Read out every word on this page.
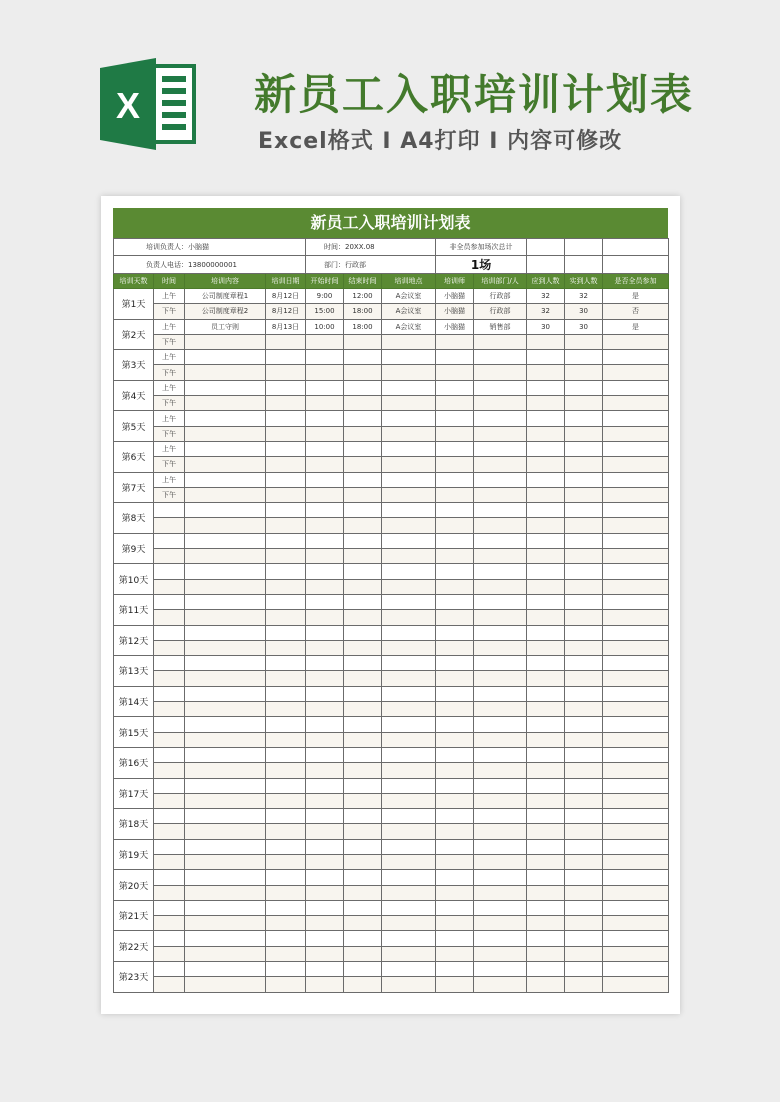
X	新员工入职培训计划表
Excel格式 I A4打印 I 内容可修改
新员工入职培训计划表
培训负责人：小脑猫				时间：20XX.08			非全员参加场次总计				
负责人电话：13800000001				部门：行政部			1场				
培训天数	时间	培训内容	培训日期	开始时间	结束时间	培训地点	培训师	培训部门/人	应到人数	实到人数	是否全员参加
第1天	上午	公司制度章程1	8月12日	9:00	12:00	A会议室	小脑猫	行政部	32	32	是
	下午	公司制度章程2	8月12日	15:00	18:00	A会议室	小脑猫	行政部	32	30	否
第2天	上午	员工守则	8月13日	10:00	18:00	A会议室	小脑猫	销售部	30	30	是
	下午										
第3天	上午										
	下午										
第4天	上午										
	下午										
第5天	上午										
	下午										
第6天	上午										
	下午										
第7天	上午										
	下午										
第8天											

第9天											

第10天											

第11天											

第12天											

第13天											

第14天											

第15天											

第16天											

第17天											

第18天											

第19天											

第20天											

第21天											

第22天											

第23天											
